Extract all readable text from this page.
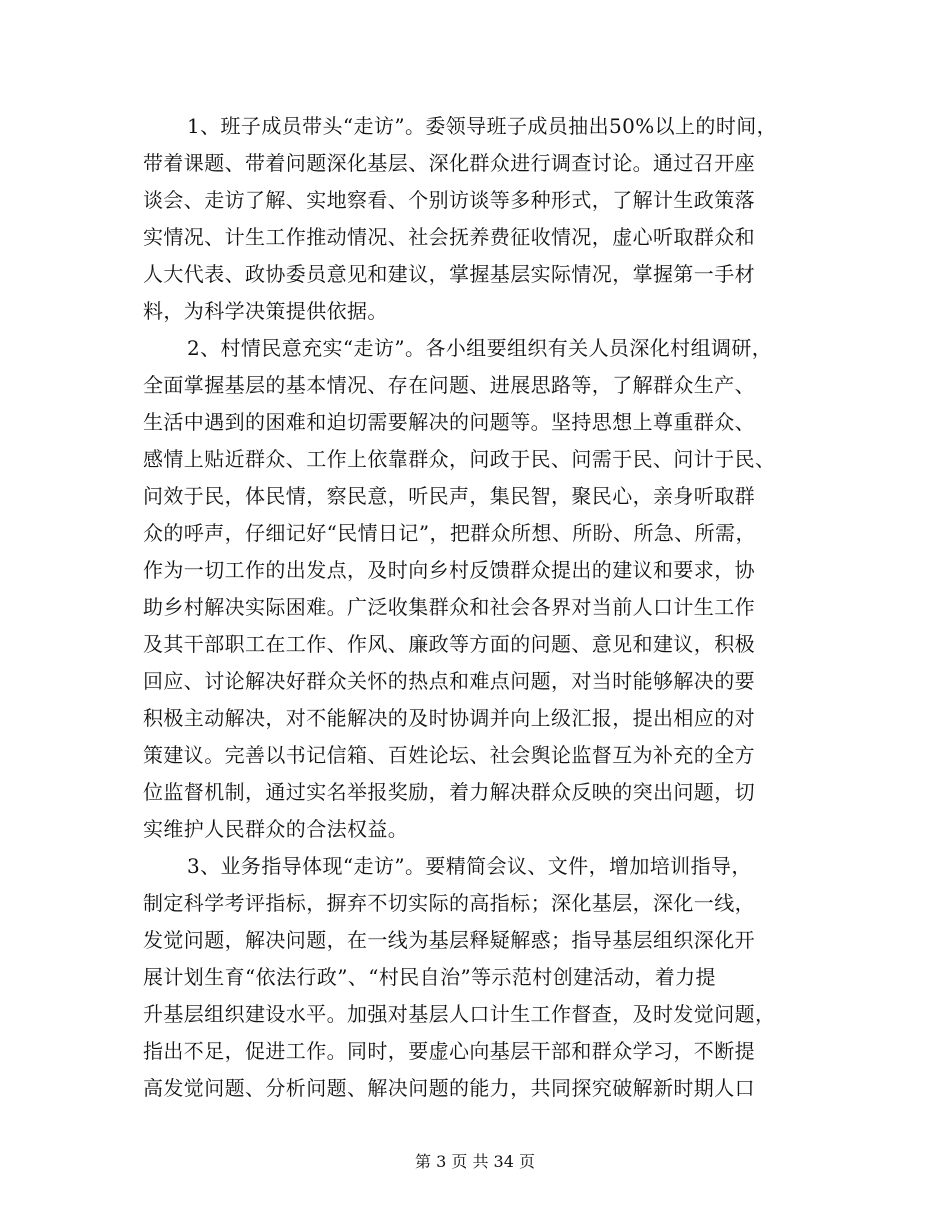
1、班子成员带头“走访”。委领导班子成员抽出50%以上的时间，
带着课题、带着问题深化基层、深化群众进行调查讨论。通过召开座
谈会、走访了解、实地察看、个别访谈等多种形式，了解计生政策落
实情况、计生工作推动情况、社会抚养费征收情况，虚心听取群众和
人大代表、政协委员意见和建议，掌握基层实际情况，掌握第一手材
料，为科学决策提供依据。
2、村情民意充实“走访”。各小组要组织有关人员深化村组调研，
全面掌握基层的基本情况、存在问题、进展思路等，了解群众生产、
生活中遇到的困难和迫切需要解决的问题等。坚持思想上尊重群众、
感情上贴近群众、工作上依靠群众，问政于民、问需于民、问计于民、
问效于民，体民情，察民意，听民声，集民智，聚民心，亲身听取群
众的呼声，仔细记好“民情日记”，把群众所想、所盼、所急、所需，
作为一切工作的出发点，及时向乡村反馈群众提出的建议和要求，协
助乡村解决实际困难。广泛收集群众和社会各界对当前人口计生工作
及其干部职工在工作、作风、廉政等方面的问题、意见和建议，积极
回应、讨论解决好群众关怀的热点和难点问题，对当时能够解决的要
积极主动解决，对不能解决的及时协调并向上级汇报，提出相应的对
策建议。完善以书记信箱、百姓论坛、社会舆论监督互为补充的全方
位监督机制，通过实名举报奖励，着力解决群众反映的突出问题，切
实维护人民群众的合法权益。
3、业务指导体现“走访”。要精简会议、文件，增加培训指导，
制定科学考评指标，摒弃不切实际的高指标；深化基层，深化一线，
发觉问题，解决问题，在一线为基层释疑解惑；指导基层组织深化开
展计划生育“依法行政”、“村民自治”等示范村创建活动，着力提
升基层组织建设水平。加强对基层人口计生工作督查，及时发觉问题，
指出不足，促进工作。同时，要虚心向基层干部和群众学习，不断提
高发觉问题、分析问题、解决问题的能力，共同探究破解新时期人口
第 3 页 共 34 页
